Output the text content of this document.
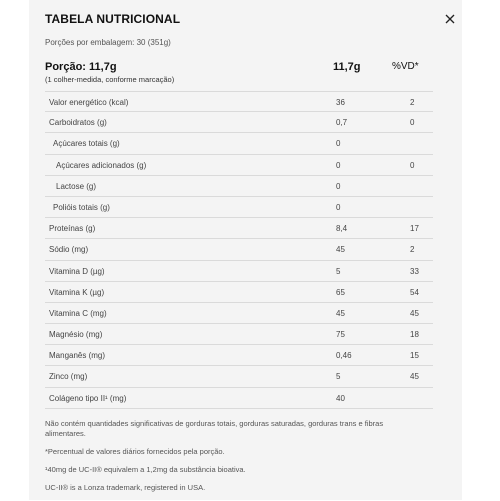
TABELA NUTRICIONAL
Porções por embalagem: 30 (351g)
Porção: 11,7g
(1 colher-medida, conforme marcação)
11,7g	%VD*
Valor energético (kcal)	36	2
Carboidratos (g)	0,7	0
Açúcares totais (g)	0
Açúcares adicionados (g)	0	0
Lactose (g)	0
Polióis totais (g)	0
Proteínas (g)	8,4	17
Sódio (mg)	45	2
Vitamina D (µg)	5	33
Vitamina K (µg)	65	54
Vitamina C (mg)	45	45
Magnésio (mg)	75	18
Manganês (mg)	0,46	15
Zinco (mg)	5	45
Colágeno tipo II¹ (mg)	40

Não contém quantidades significativas de gorduras totais, gorduras saturadas, gorduras trans e fibras alimentares.

*Percentual de valores diários fornecidos pela porção.

¹40mg de UC-II® equivalem a 1,2mg da substância bioativa.

UC-II® is a Lonza trademark, registered in USA.
